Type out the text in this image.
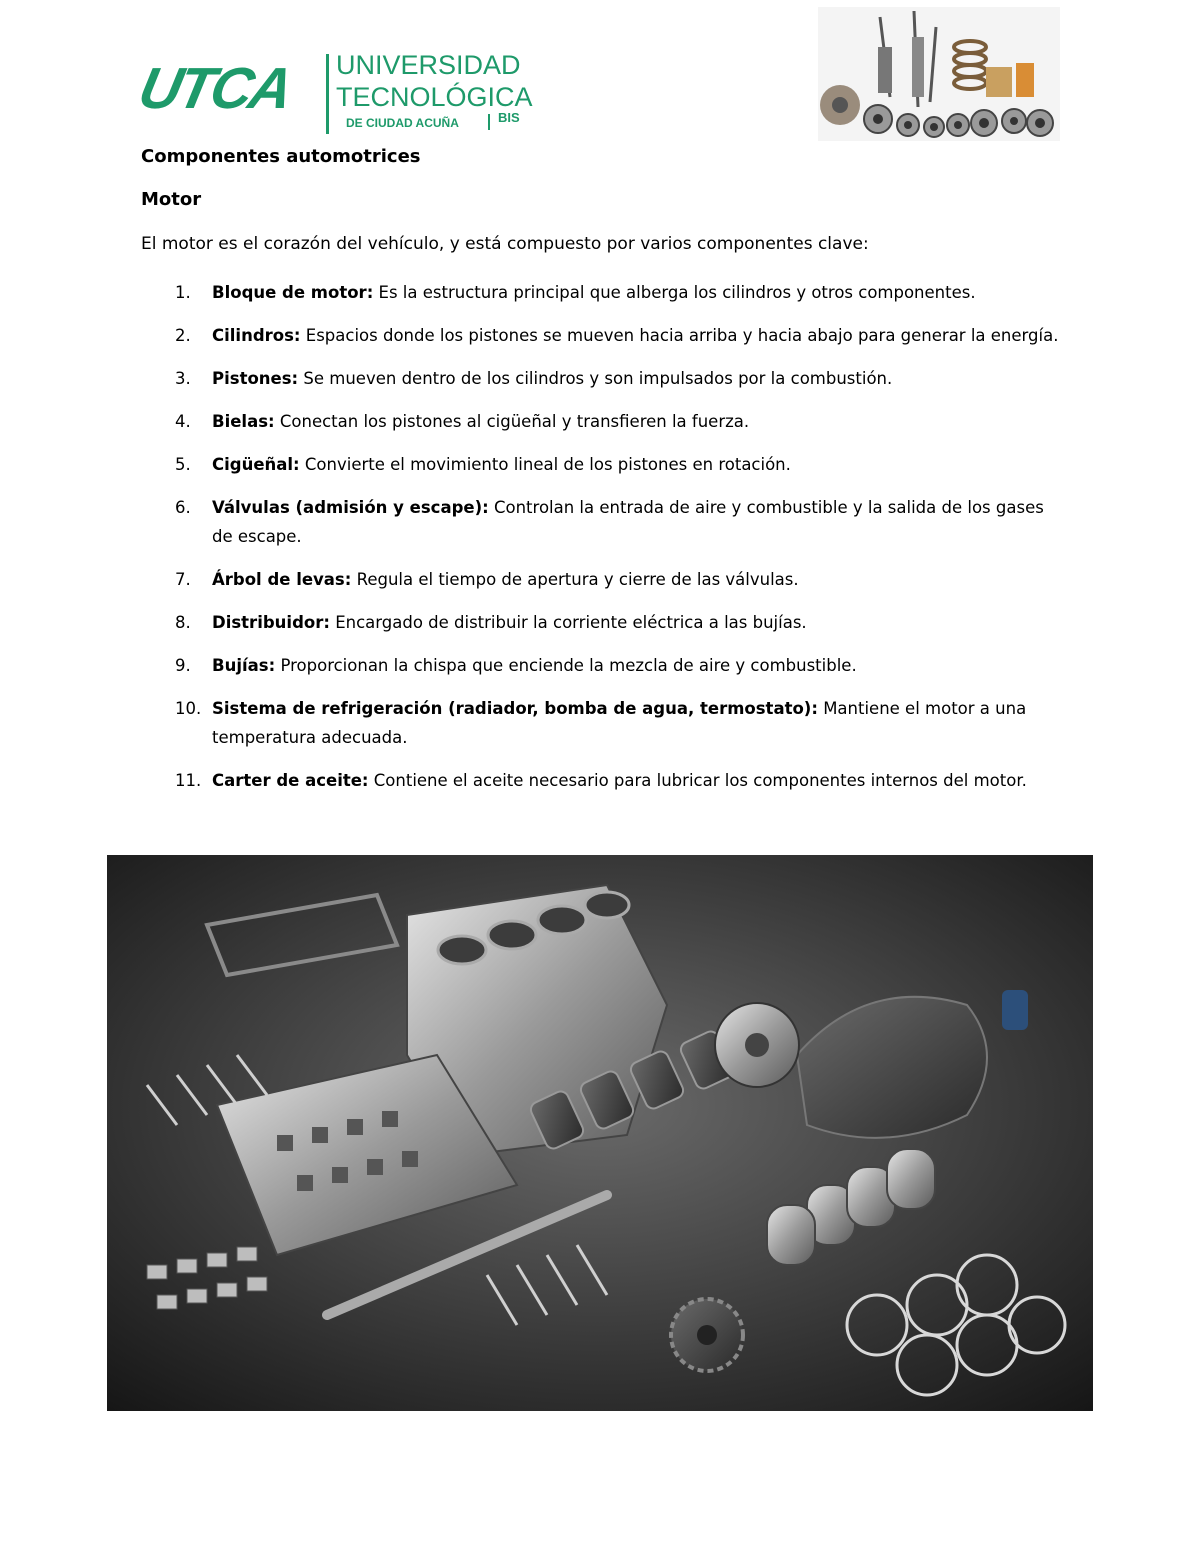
UTCA UNIVERSIDAD
TECNOLÓGICA
DE CIUDAD ACUÑA	BIS
Componentes automotrices
Motor
El motor es el corazón del vehículo, y está compuesto por varios componentes clave:
1. Bloque de motor: Es la estructura principal que alberga los cilindros y otros componentes.
2. Cilindros: Espacios donde los pistones se mueven hacia arriba y hacia abajo para generar la energía.
3. Pistones: Se mueven dentro de los cilindros y son impulsados por la combustión.
4. Bielas: Conectan los pistones al cigüeñal y transfieren la fuerza.
5. Cigüeñal: Convierte el movimiento lineal de los pistones en rotación.
6. Válvulas (admisión y escape): Controlan la entrada de aire y combustible y la salida de los gases de escape.
7. Árbol de levas: Regula el tiempo de apertura y cierre de las válvulas.
8. Distribuidor: Encargado de distribuir la corriente eléctrica a las bujías.
9. Bujías: Proporcionan la chispa que enciende la mezcla de aire y combustible.
10. Sistema de refrigeración (radiador, bomba de agua, termostato): Mantiene el motor a una temperatura adecuada.
11. Carter de aceite: Contiene el aceite necesario para lubricar los componentes internos del motor.
